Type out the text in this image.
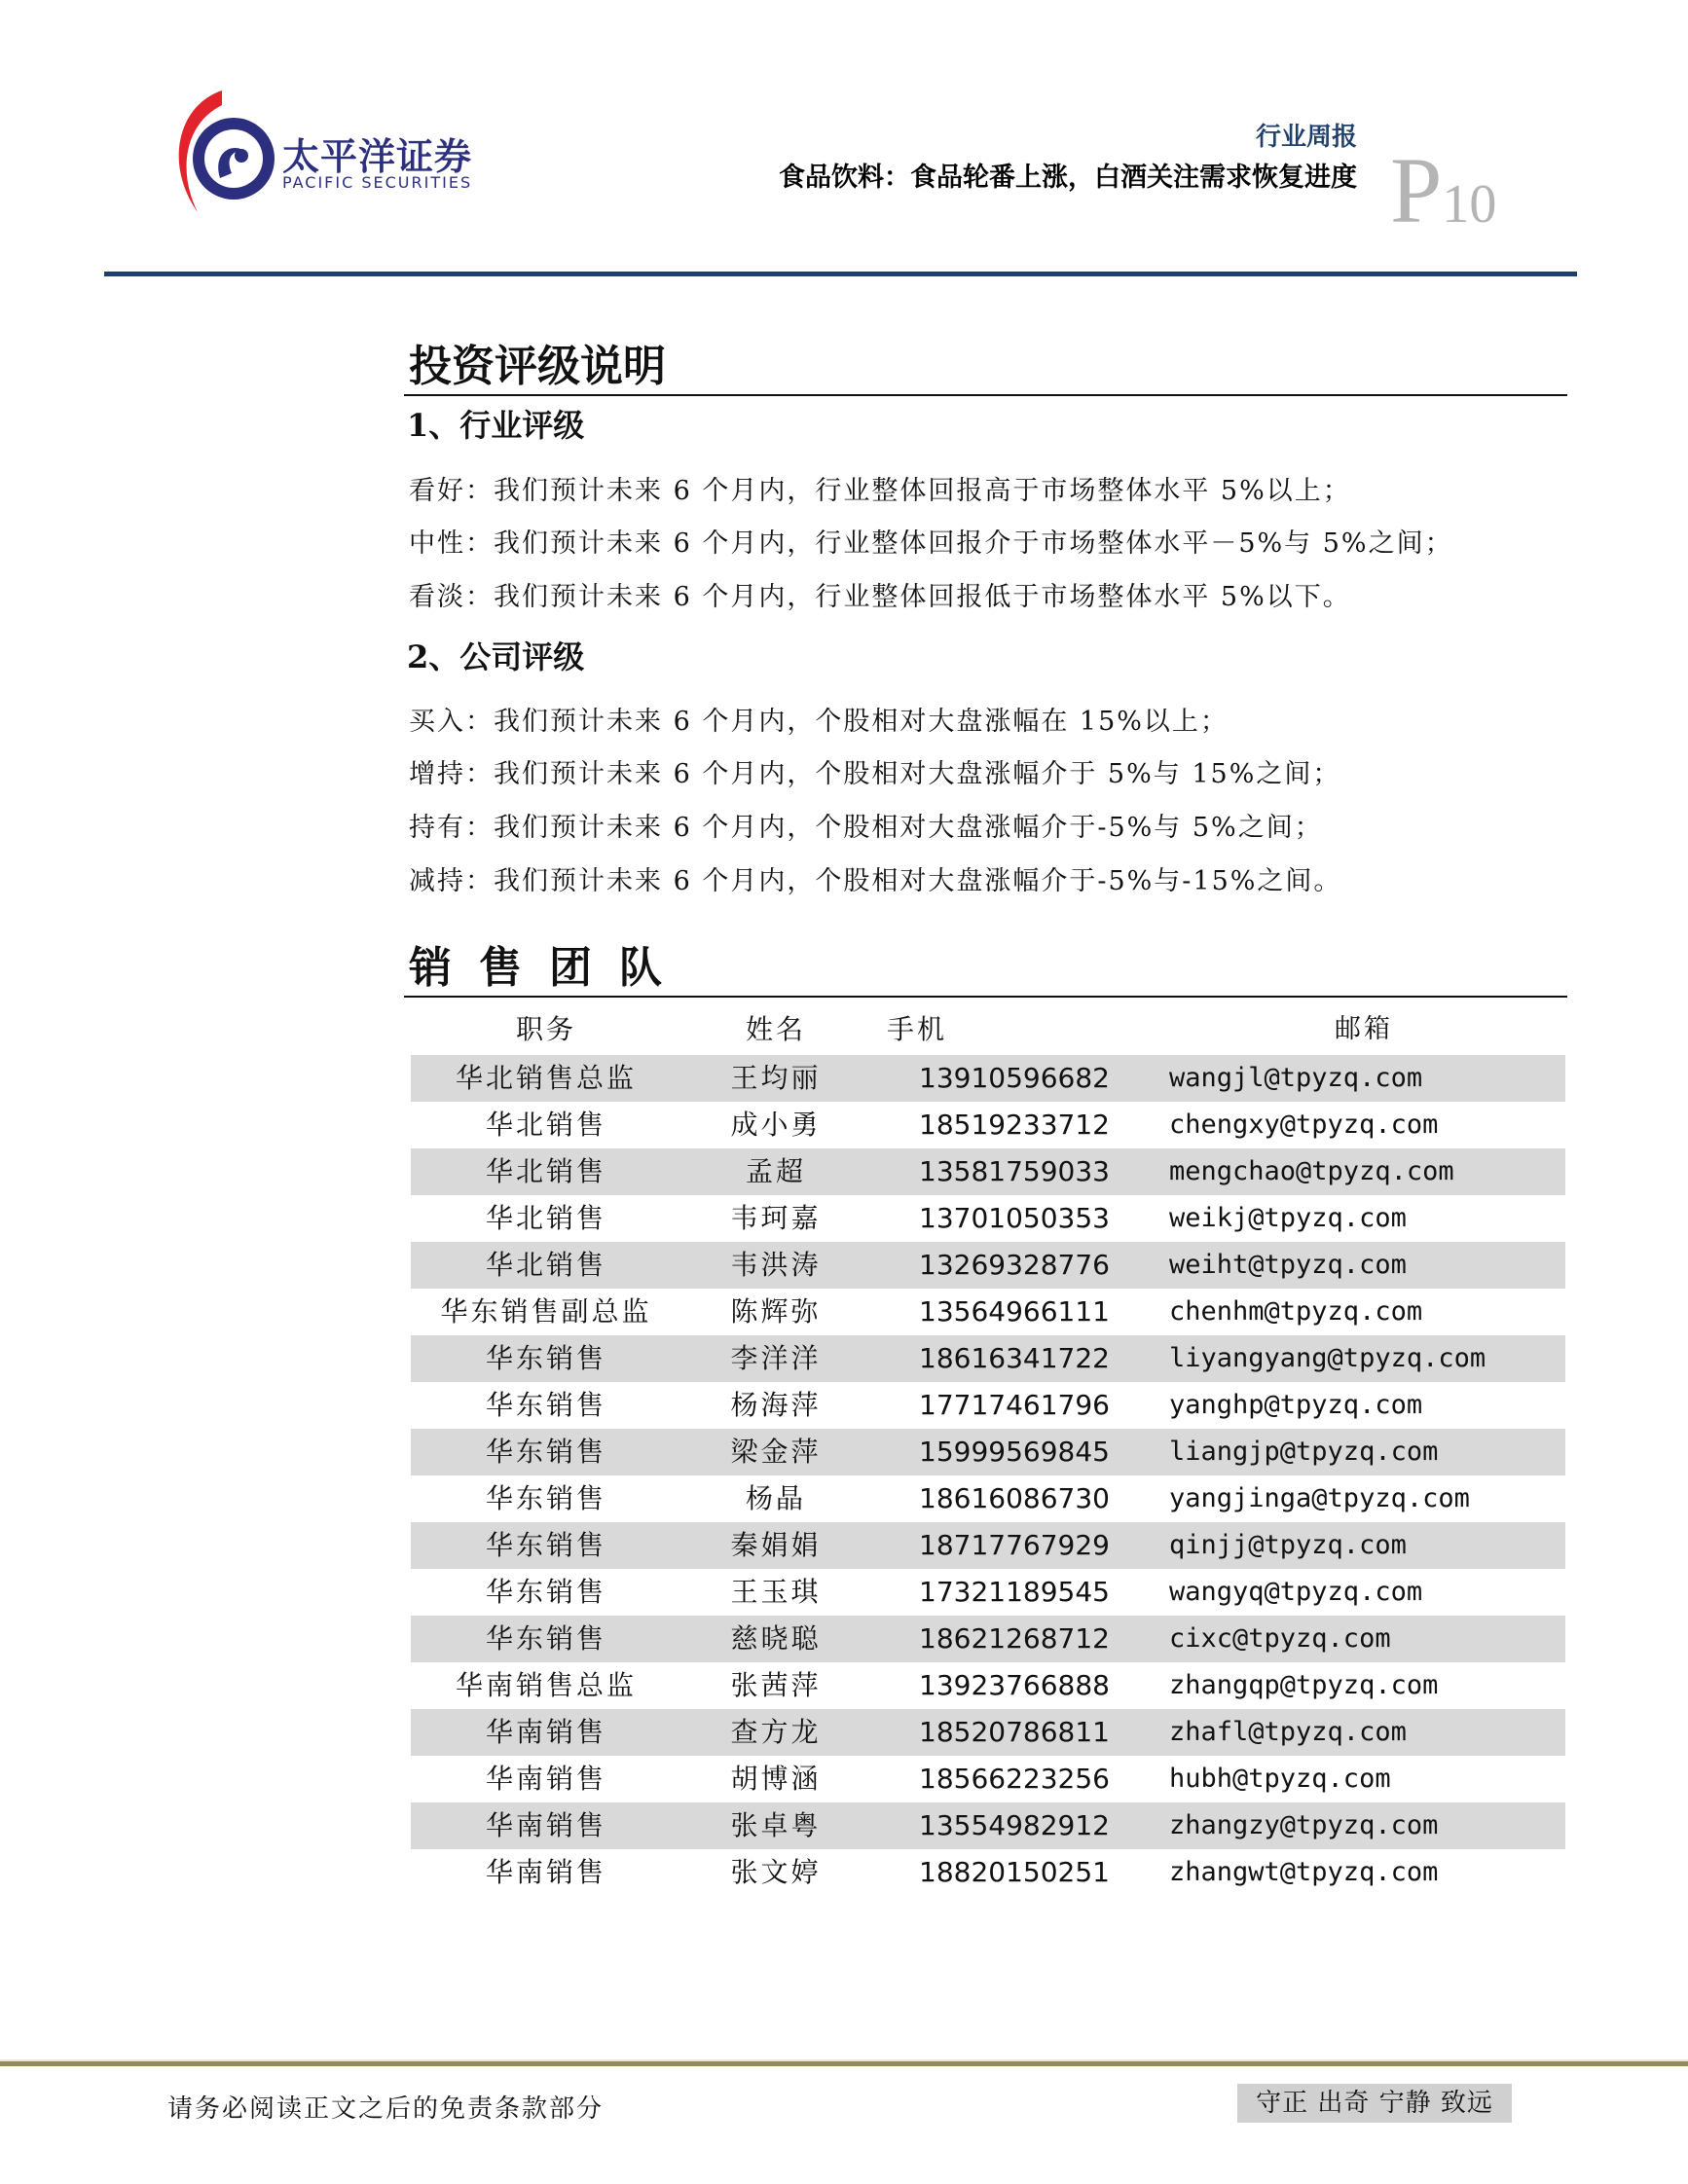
太平洋证券
PACIFIC SECURITIES
行业周报
食品饮料：食品轮番上涨，白酒关注需求恢复进度 P10
投资评级说明
1、行业评级
看好：我们预计未来 6 个月内，行业整体回报高于市场整体水平 5%以上；
中性：我们预计未来 6 个月内，行业整体回报介于市场整体水平－5%与 5%之间；
看淡：我们预计未来 6 个月内，行业整体回报低于市场整体水平 5%以下。
2、公司评级
买入：我们预计未来 6 个月内，个股相对大盘涨幅在 15%以上；
增持：我们预计未来 6 个月内，个股相对大盘涨幅介于 5%与 15%之间；
持有：我们预计未来 6 个月内，个股相对大盘涨幅介于-5%与 5%之间；
减持：我们预计未来 6 个月内，个股相对大盘涨幅介于-5%与-15%之间。
销售团队
职务	姓名	手机	邮箱
华北销售总监	王均丽	13910596682 wangjl@tpyzq.com
华北销售	成小勇	18519233712 chengxy@tpyzq.com
华北销售	孟超	13581759033 mengchao@tpyzq.com
华北销售	韦珂嘉	13701050353 weikj@tpyzq.com
华北销售	韦洪涛	13269328776 weiht@tpyzq.com
华东销售副总监	陈辉弥	13564966111 chenhm@tpyzq.com
华东销售	李洋洋	18616341722 liyangyang@tpyzq.com
华东销售	杨海萍	17717461796 yanghp@tpyzq.com
华东销售	梁金萍	15999569845 liangjp@tpyzq.com
华东销售	杨晶	18616086730 yangjinga@tpyzq.com
华东销售	秦娟娟	18717767929 qinjj@tpyzq.com
华东销售	王玉琪	17321189545 wangyq@tpyzq.com
华东销售	慈晓聪	18621268712 cixc@tpyzq.com
华南销售总监	张茜萍	13923766888 zhangqp@tpyzq.com
华南销售	查方龙	18520786811 zhafl@tpyzq.com
华南销售	胡博涵	18566223256 hubh@tpyzq.com
华南销售	张卓粤	13554982912 zhangzy@tpyzq.com
华南销售	张文婷	18820150251 zhangwt@tpyzq.com
请务必阅读正文之后的免责条款部分	守正 出奇 宁静 致远
